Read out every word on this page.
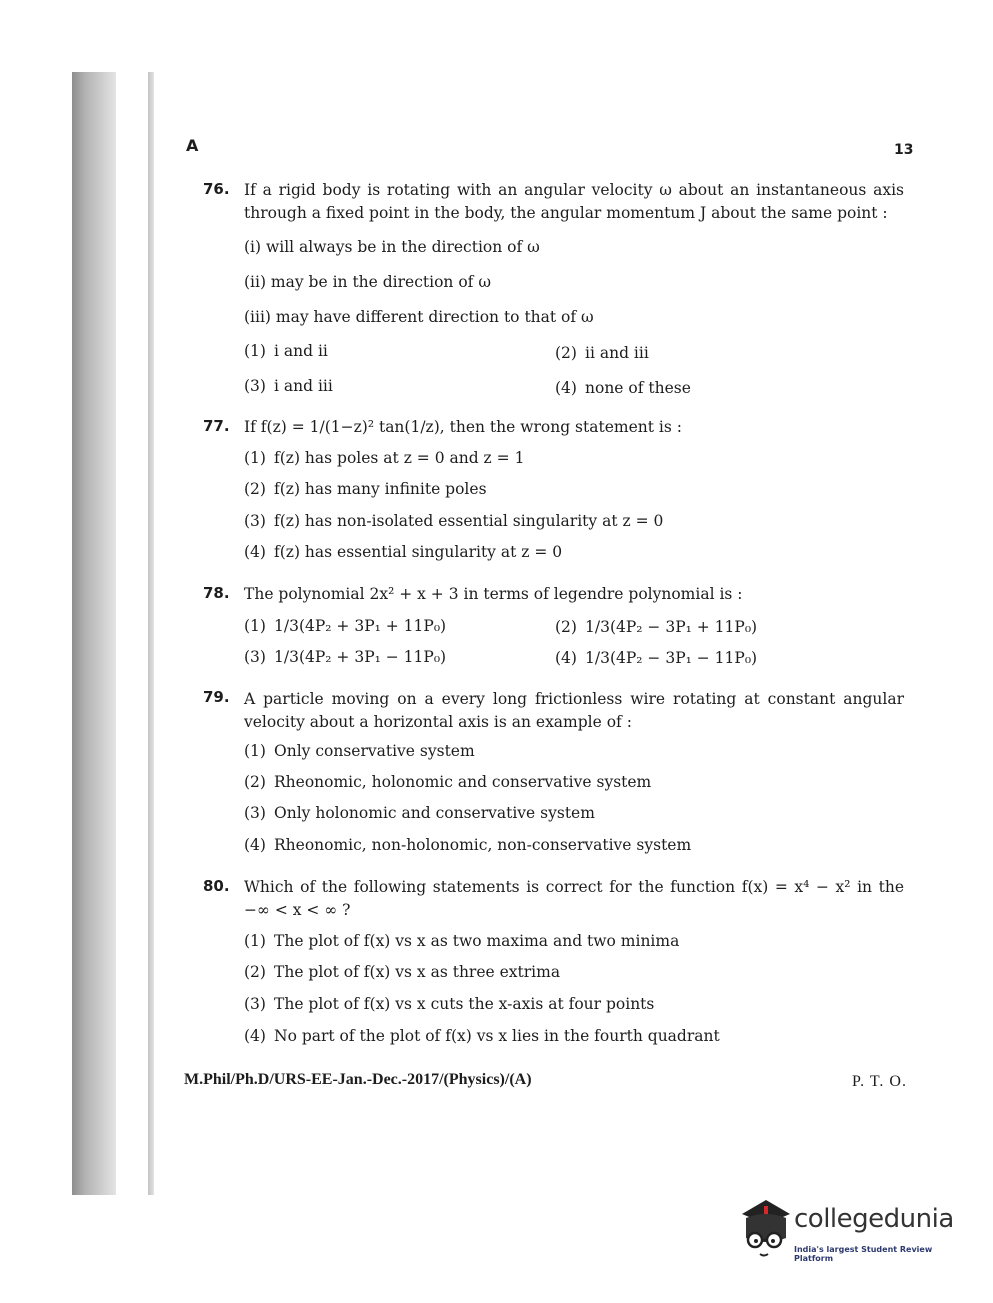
A	13
76. If a rigid body is rotating with an angular velocity ω about an instantaneous axis through a fixed point in the body, the angular momentum J about the same point :
(i) will always be in the direction of ω
(ii) may be in the direction of ω
(iii) may have different direction to that of ω
(1) i and ii	(2) ii and iii
(3) i and iii	(4) none of these
77. If f(z) = 1/(1−z)² tan(1/z), then the wrong statement is :
(1) f(z) has poles at z = 0 and z = 1
(2) f(z) has many infinite poles
(3) f(z) has non-isolated essential singularity at z = 0
(4) f(z) has essential singularity at z = 0
78. The polynomial 2x² + x + 3 in terms of legendre polynomial is :
(1) 1/3(4P₂ + 3P₁ + 11P₀)	(2) 1/3(4P₂ − 3P₁ + 11P₀)
(3) 1/3(4P₂ + 3P₁ − 11P₀)	(4) 1/3(4P₂ − 3P₁ − 11P₀)
79. A particle moving on a every long frictionless wire rotating at constant angular velocity about a horizontal axis is an example of :
(1) Only conservative system
(2) Rheonomic, holonomic and conservative system
(3) Only holonomic and conservative system
(4) Rheonomic, non-holonomic, non-conservative system
80. Which of the following statements is correct for the function f(x) = x⁴ − x² in the −∞ < x < ∞ ?
(1) The plot of f(x) vs x as two maxima and two minima
(2) The plot of f(x) vs x as three extrima
(3) The plot of f(x) vs x cuts the x-axis at four points
(4) No part of the plot of f(x) vs x lies in the fourth quadrant
M.Phil/Ph.D/URS-EE-Jan.-Dec.-2017/(Physics)/(A)	P. T. O.
collegedunia
India's largest Student Review Platform
